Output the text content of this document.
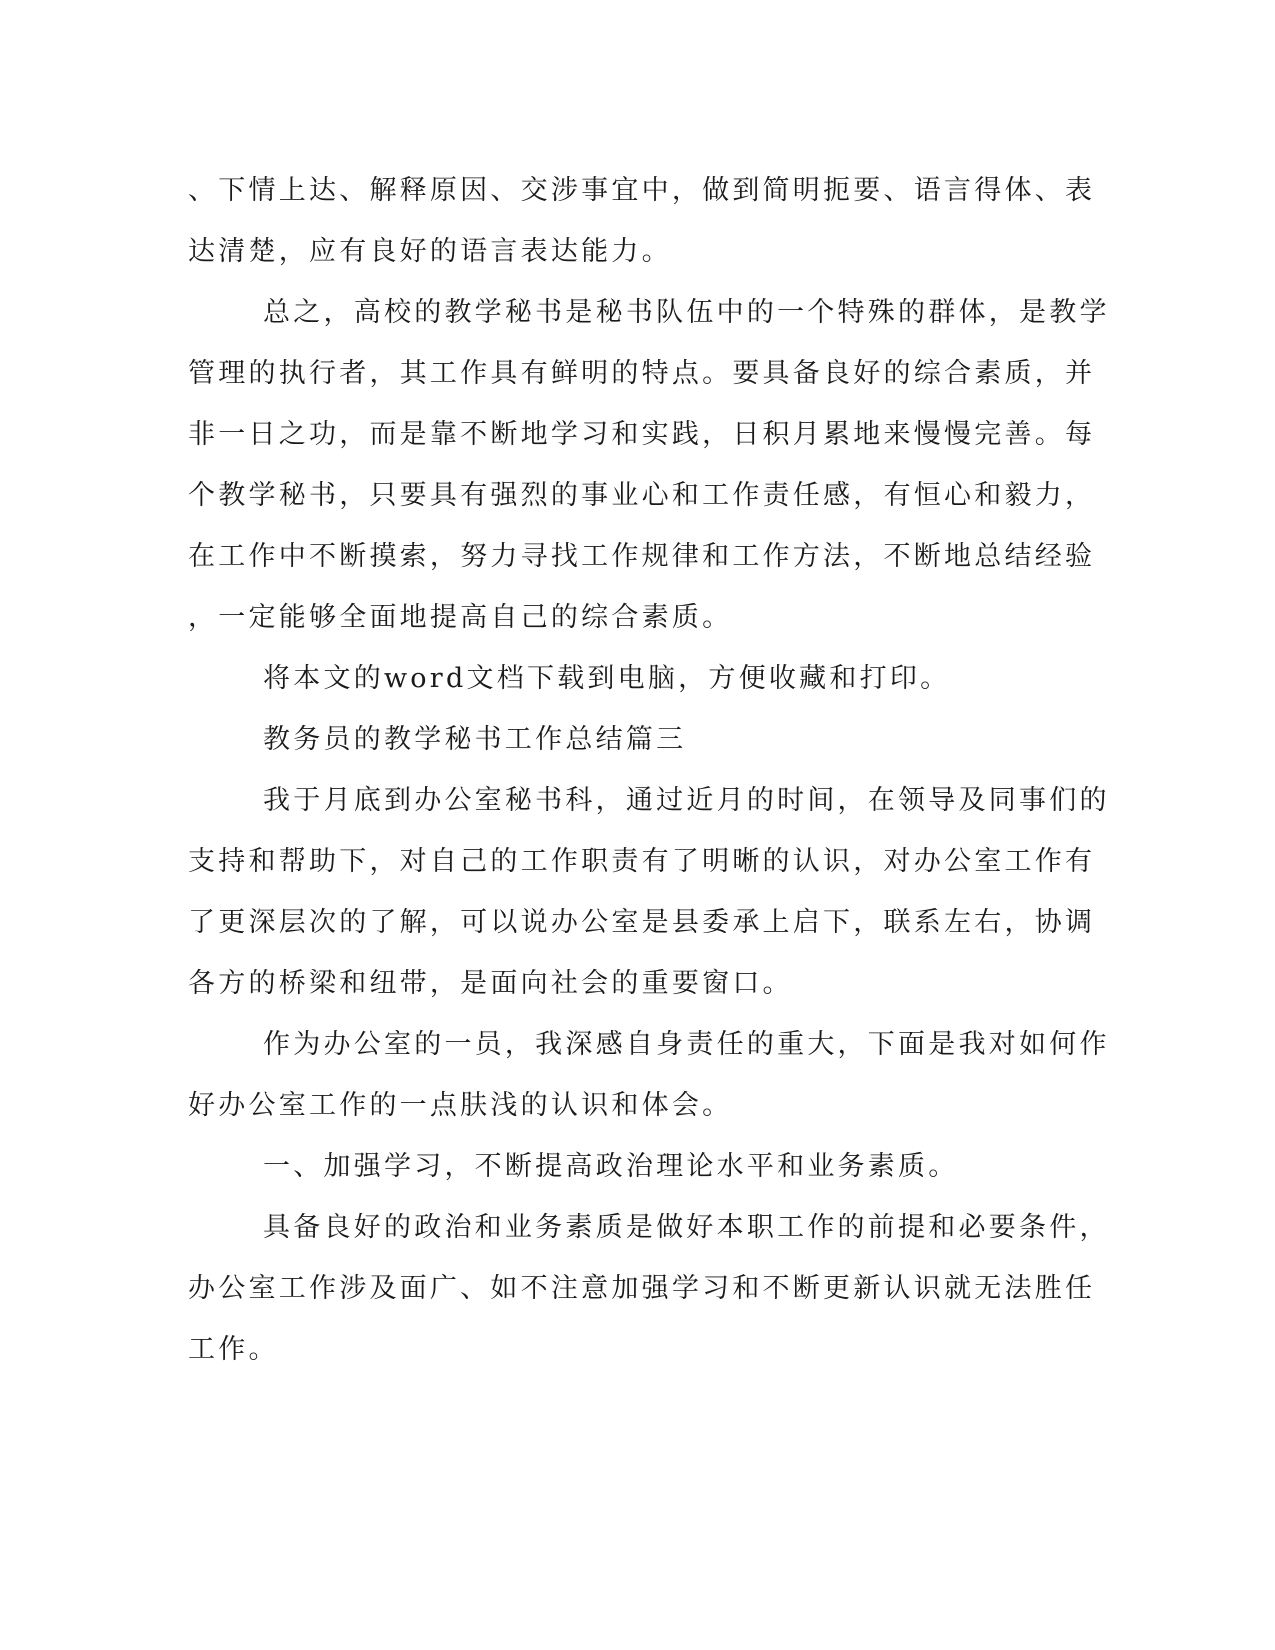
、下情上达、解释原因、交涉事宜中，做到简明扼要、语言得体、表
达清楚，应有良好的语言表达能力。
总之，高校的教学秘书是秘书队伍中的一个特殊的群体，是教学
管理的执行者，其工作具有鲜明的特点。要具备良好的综合素质，并
非一日之功，而是靠不断地学习和实践，日积月累地来慢慢完善。每
个教学秘书，只要具有强烈的事业心和工作责任感，有恒心和毅力，
在工作中不断摸索，努力寻找工作规律和工作方法，不断地总结经验
，一定能够全面地提高自己的综合素质。
将本文的word文档下载到电脑，方便收藏和打印。
教务员的教学秘书工作总结篇三
我于月底到办公室秘书科，通过近月的时间，在领导及同事们的
支持和帮助下，对自己的工作职责有了明晰的认识，对办公室工作有
了更深层次的了解，可以说办公室是县委承上启下，联系左右，协调
各方的桥梁和纽带，是面向社会的重要窗口。
作为办公室的一员，我深感自身责任的重大，下面是我对如何作
好办公室工作的一点肤浅的认识和体会。
一、加强学习，不断提高政治理论水平和业务素质。
具备良好的政治和业务素质是做好本职工作的前提和必要条件，
办公室工作涉及面广、如不注意加强学习和不断更新认识就无法胜任
工作。
